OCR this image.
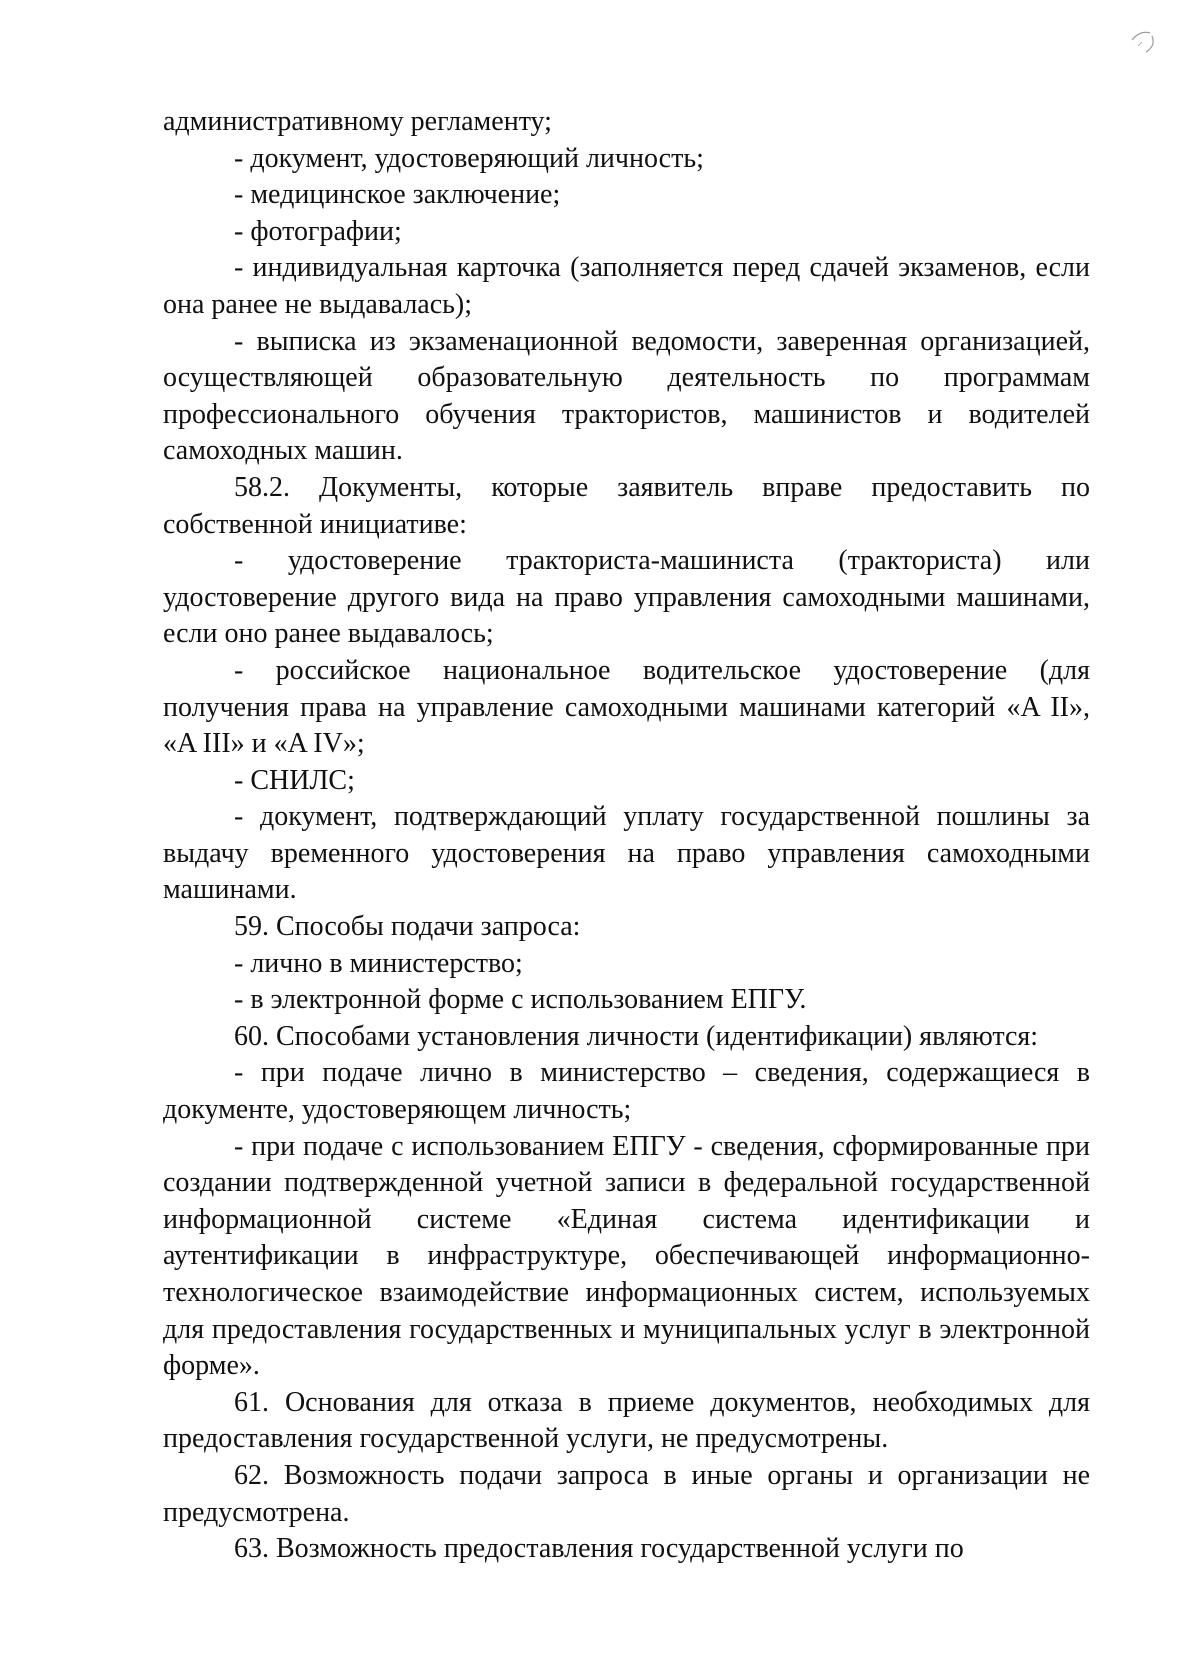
административному регламенту;

- документ, удостоверяющий личность;

- медицинское заключение;

- фотографии;

- индивидуальная карточка (заполняется перед сдачей экзаменов, если она ранее не выдавалась);

- выписка из экзаменационной ведомости, заверенная организацией, осуществляющей образовательную деятельность по программам профессионального обучения трактористов, машинистов и водителей самоходных машин.

58.2. Документы, которые заявитель вправе предоставить по собственной инициативе:

- удостоверение тракториста-машиниста (тракториста) или удостоверение другого вида на право управления самоходными машинами, если оно ранее выдавалось;

- российское национальное водительское удостоверение (для получения права на управление самоходными машинами категорий «A II», «A III» и «A IV»;

- СНИЛС;

- документ, подтверждающий уплату государственной пошлины за выдачу временного удостоверения на право управления самоходными машинами.

59. Способы подачи запроса:

- лично в министерство;

- в электронной форме с использованием ЕПГУ.

60. Способами установления личности (идентификации) являются:

- при подаче лично в министерство – сведения, содержащиеся в документе, удостоверяющем личность;

- при подаче с использованием ЕПГУ - сведения, сформированные при создании подтвержденной учетной записи в федеральной государственной информационной системе «Единая система идентификации и аутентификации в инфраструктуре, обеспечивающей информационно-технологическое взаимодействие информационных систем, используемых для предоставления государственных и муниципальных услуг в электронной форме».

61. Основания для отказа в приеме документов, необходимых для предоставления государственной услуги, не предусмотрены.

62. Возможность подачи запроса в иные органы и организации не предусмотрена.

63. Возможность предоставления государственной услуги по
